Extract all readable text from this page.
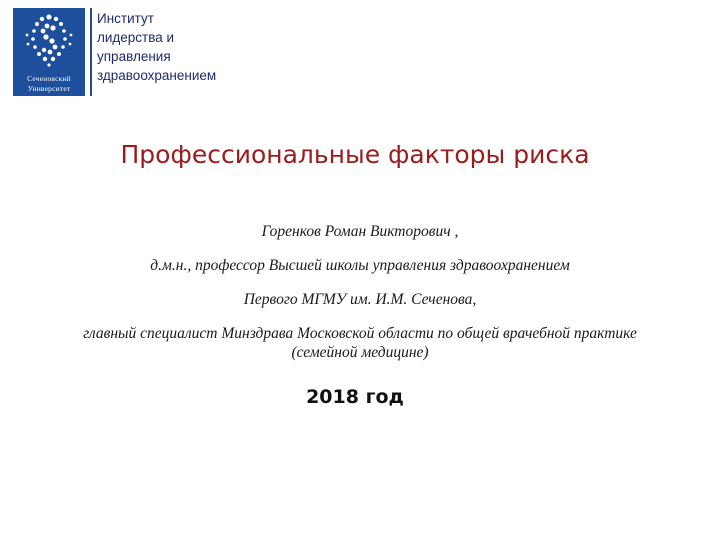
Сеченовский
Университет
Институт
лидерства и
управления
здравоохранением
Профессиональные факторы риска
Горенков Роман Викторович ,
д.м.н., профессор Высшей школы управления здравоохранением
Первого МГМУ им. И.М. Сеченова,
главный специалист Минздрава Московской области по общей врачебной практике
(семейной медицине)
2018 год
